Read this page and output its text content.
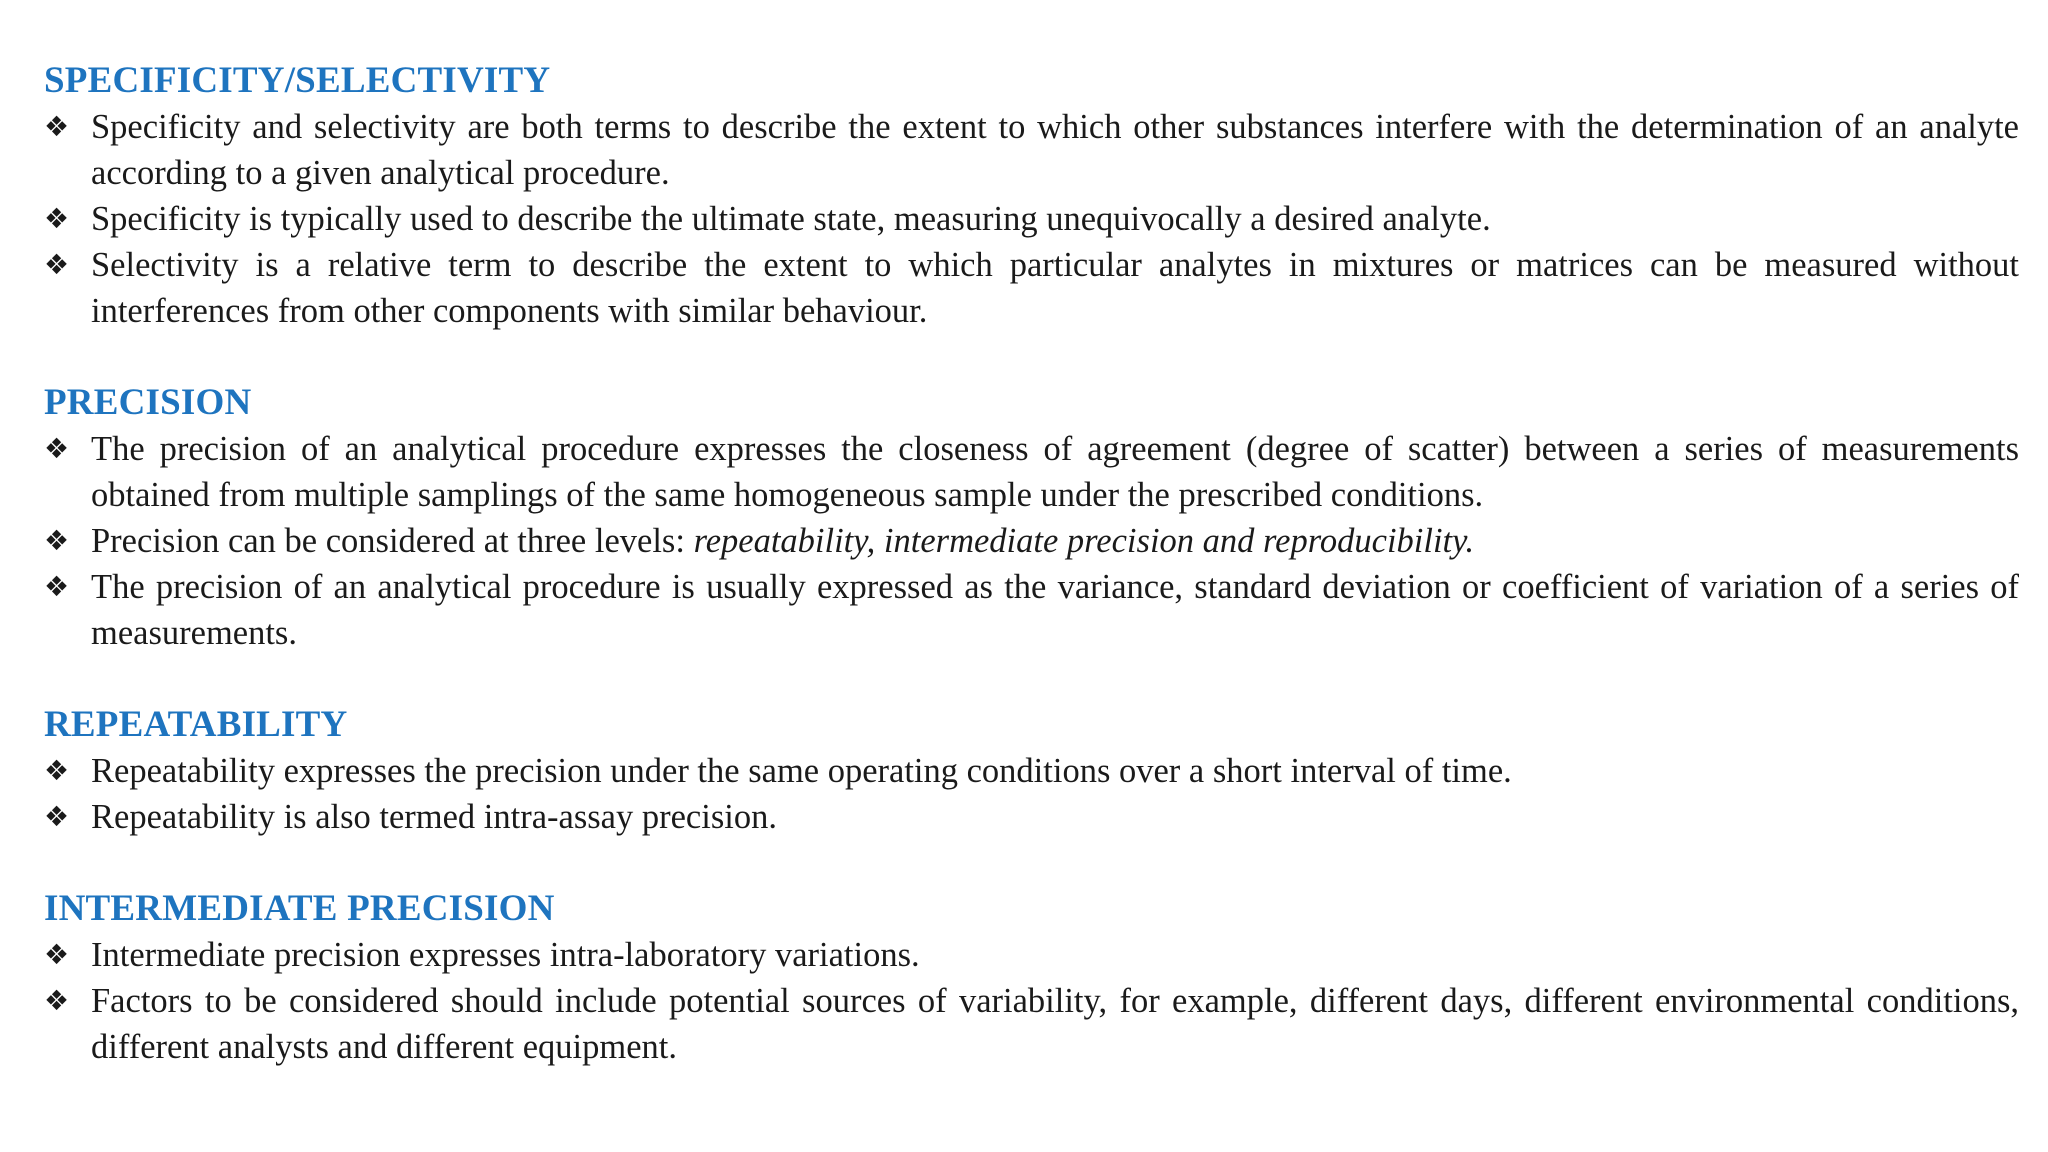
SPECIFICITY/SELECTIVITY
❖ Specificity and selectivity are both terms to describe the extent to which other substances interfere with the determination of an analyte according to a given analytical procedure.
❖ Specificity is typically used to describe the ultimate state, measuring unequivocally a desired analyte.
❖ Selectivity is a relative term to describe the extent to which particular analytes in mixtures or matrices can be measured without interferences from other components with similar behaviour.
PRECISION
❖ The precision of an analytical procedure expresses the closeness of agreement (degree of scatter) between a series of measurements obtained from multiple samplings of the same homogeneous sample under the prescribed conditions.
❖ Precision can be considered at three levels: repeatability, intermediate precision and reproducibility.
❖ The precision of an analytical procedure is usually expressed as the variance, standard deviation or coefficient of variation of a series of measurements.
REPEATABILITY
❖ Repeatability expresses the precision under the same operating conditions over a short interval of time.
❖ Repeatability is also termed intra-assay precision.
INTERMEDIATE PRECISION
❖ Intermediate precision expresses intra-laboratory variations.
❖ Factors to be considered should include potential sources of variability, for example, different days, different environmental conditions, different analysts and different equipment.
